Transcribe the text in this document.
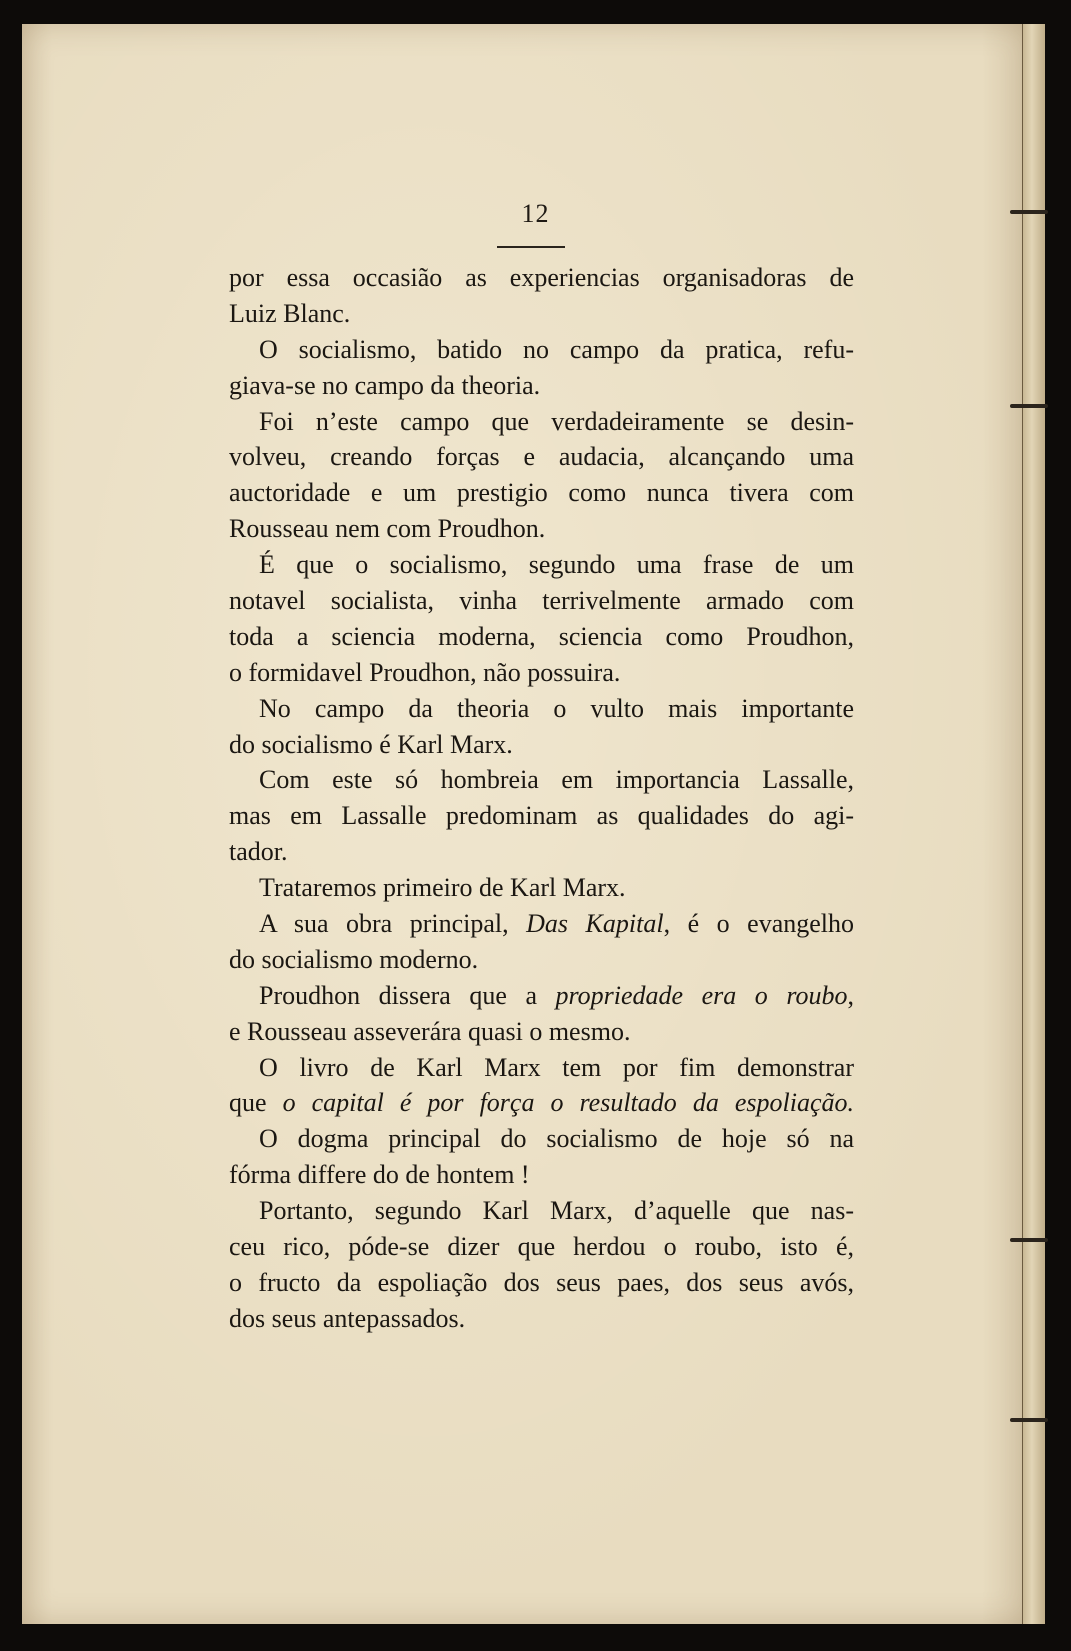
12
por essa occasião as experiencias organisadoras de
Luiz Blanc.
O socialismo, batido no campo da pratica, refu-
giava-se no campo da theoria.
Foi n’este campo que verdadeiramente se desin-
volveu, creando forças e audacia, alcançando uma
auctoridade e um prestigio como nunca tivera com
Rousseau nem com Proudhon.
É que o socialismo, segundo uma frase de um
notavel socialista, vinha terrivelmente armado com
toda a sciencia moderna, sciencia como Proudhon,
o formidavel Proudhon, não possuira.
No campo da theoria o vulto mais importante
do socialismo é Karl Marx.
Com este só hombreia em importancia Lassalle,
mas em Lassalle predominam as qualidades do agi-
tador.
Trataremos primeiro de Karl Marx.
A sua obra principal, Das Kapital, é o evangelho
do socialismo moderno.
Proudhon dissera que a propriedade era o roubo,
e Rousseau asseverára quasi o mesmo.
O livro de Karl Marx tem por fim demonstrar
que o capital é por força o resultado da espoliação.
O dogma principal do socialismo de hoje só na
fórma differe do de hontem !
Portanto, segundo Karl Marx, d’aquelle que nas-
ceu rico, póde-se dizer que herdou o roubo, isto é,
o fructo da espoliação dos seus paes, dos seus avós,
dos seus antepassados.
